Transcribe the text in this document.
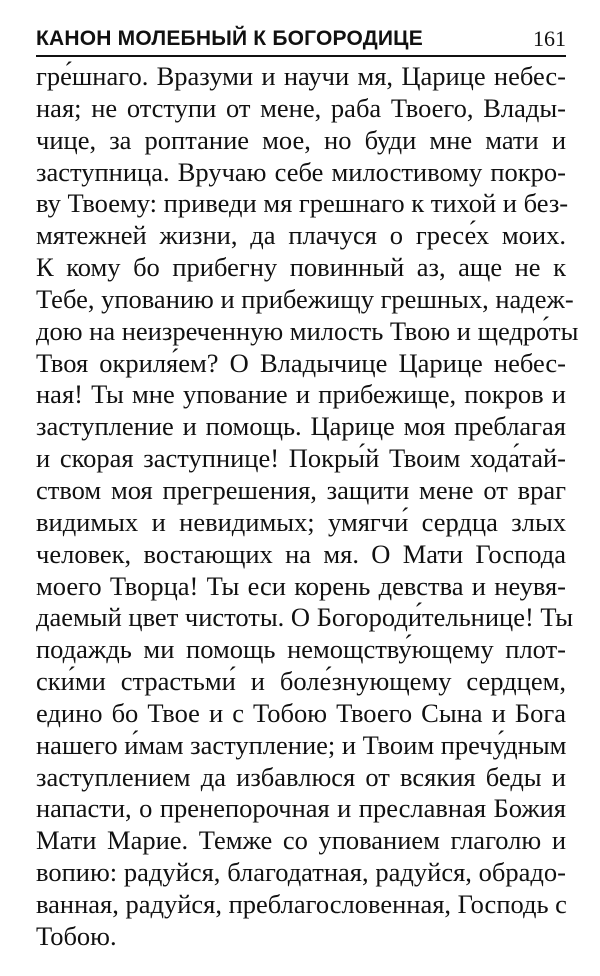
КАНОН МОЛЕБНЫЙ К БОГОРОДИЦЕ	161
гре́шнаго. Вразуми и научи мя, Царице небес-
ная; не отступи от мене, раба Твоего, Влады-
чице, за роптание мое, но буди мне мати и
заступница. Вручаю себе милостивому покро-
ву Твоему: приведи мя грешнаго к тихой и без-
мятежней жизни, да плачуся о гресе́х моих.
К кому бо прибегну повинный аз, аще не к
Тебе, упованию и прибежищу грешных, надеж-
дою на неизреченную милость Твою и щедро́ты
Твоя окриля́ем? О Владычице Царице небес-
ная! Ты мне упование и прибежище, покров и
заступление и помощь. Царице моя преблагая
и скорая заступнице! Покры́й Твоим хода́тай-
ством моя прегрешения, защити мене от враг
видимых и невидимых; умягчи́ сердца злых
человек, востающих на мя. О Мати Господа
моего Творца! Ты еси корень девства и неувя-
даемый цвет чистоты. О Богороди́тельнице! Ты
подаждь ми помощь немощству́ющему плот-
ски́ми страстьми́ и боле́знующему сердцем,
едино бо Твое и с Тобою Твоего Сына и Бога
нашего и́мам заступление; и Твоим пречу́дным
заступлением да избавлюся от всякия беды и
напасти, о пренепорочная и преславная Божия
Мати Марие. Темже со упованием глаголю и
вопию: радуйся, благодатная, радуйся, обрадо-
ванная, радуйся, преблагословенная, Господь с
Тобою.
